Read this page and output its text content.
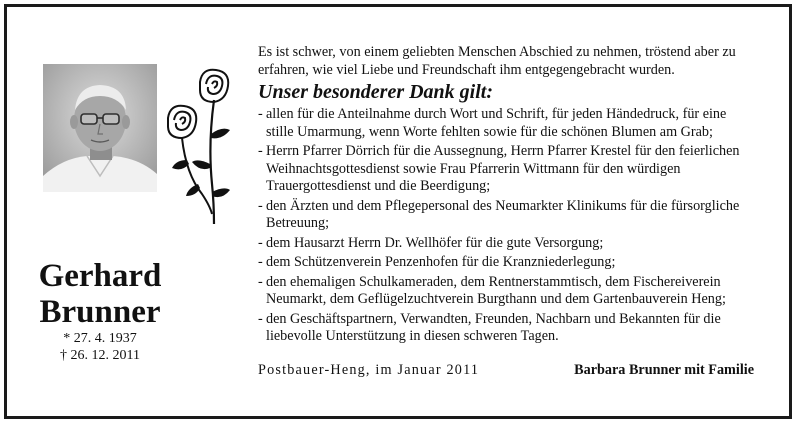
Gerhard
Brunner
* 27. 4. 1937
† 26. 12. 2011

Es ist schwer, von einem geliebten Menschen Abschied zu nehmen, tröstend aber zu erfahren, wie viel Liebe und Freundschaft ihm entgegengebracht wurden.

Unser besonderer Dank gilt:
- allen für die Anteilnahme durch Wort und Schrift, für jeden Händedruck, für eine stille Umarmung, wenn Worte fehlten sowie für die schönen Blumen am Grab;
- Herrn Pfarrer Dörrich für die Aussegnung, Herrn Pfarrer Krestel für den feierlichen Weihnachtsgottesdienst sowie Frau Pfarrerin Wittmann für den würdigen Trauergottesdienst und die Beerdigung;
- den Ärzten und dem Pflegepersonal des Neumarkter Klinikums für die fürsorgliche Betreuung;
- dem Hausarzt Herrn Dr. Wellhöfer für die gute Versorgung;
- dem Schützenverein Penzenhofen für die Kranzniederlegung;
- den ehemaligen Schulkameraden, dem Rentnerstammtisch, dem Fischereiverein Neumarkt, dem Geflügelzuchtverein Burgthann und dem Gartenbauverein Heng;
- den Geschäftspartnern, Verwandten, Freunden, Nachbarn und Bekannten für die liebevolle Unterstützung in diesen schweren Tagen.
Postbauer-Heng, im Januar 2011	Barbara Brunner mit Familie
